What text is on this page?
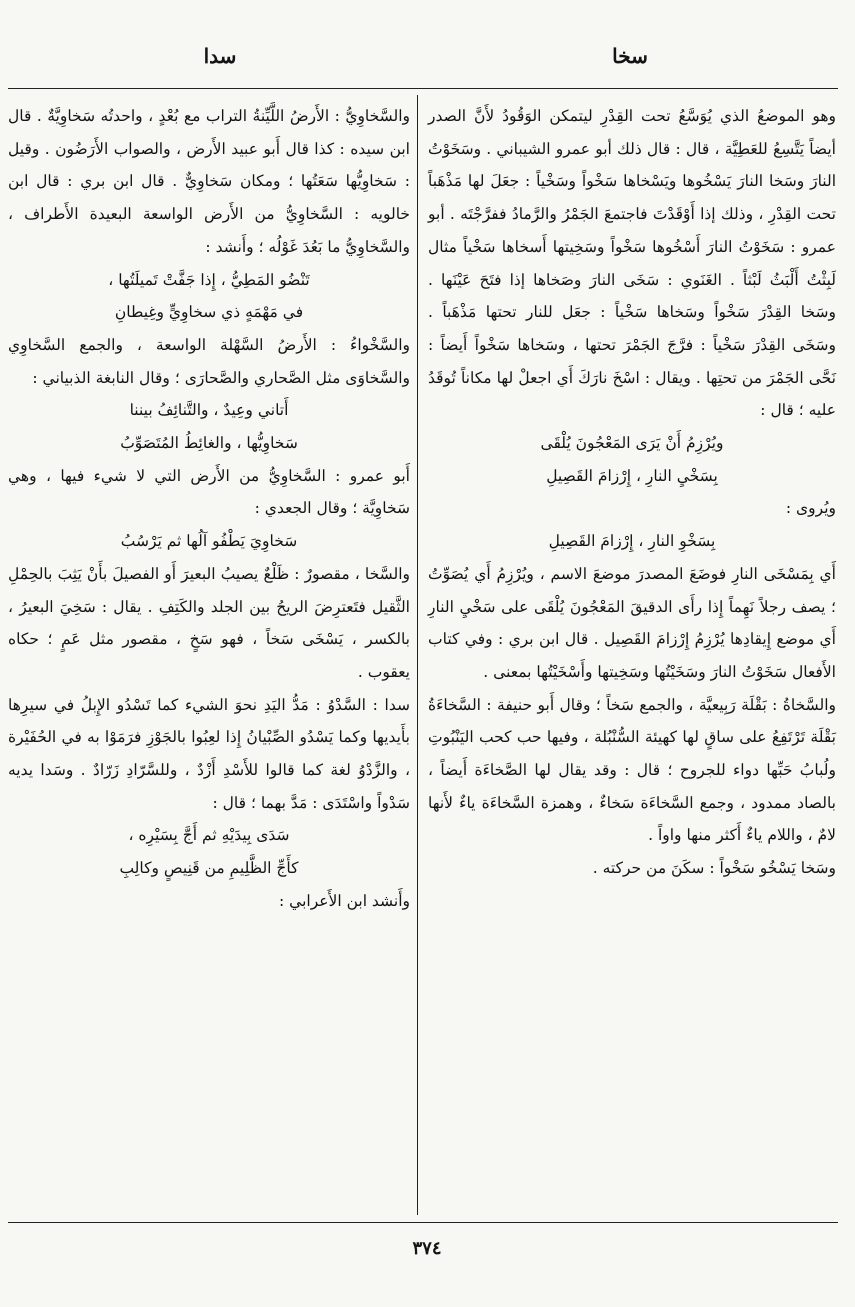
سخا
سدا

وهو الموضعُ الذي يُوَسَّعُ تحت القِدْرِ ليتمكن الوَقُودُ لأَنَّ الصدر أيضاً يَتَّسِعُ للعَطِيَّة ، قال : قال ذلك أبو عمرو الشيباني . وسَخَوْتُ النارَ وسَخا النارَ يَسْخُوها ويَسْخاها سَخْواً وسَخْياً : جعَلَ لها مَذْهَباً تحت القِدْرِ ، وذلك إذا أَوْقَدْتَ فاجتمعَ الجَمْرُ والرَّمادُ ففرَّجْتَه . أبو عمرو : سَخَوْتُ النارَ أَسْخُوها سَخْواً وسَخِيتها أَسخاها سَخْياً مثال لَبِثْتُ أَلْبَثُ لَبْثاً . الغَنَوي : سَخَى النارَ وصَخاها إذا فتَحَ عَيْنَها . وسَخا القِدْرَ سَخْواً وسَخاها سَخْياً : جعَل للنار تحتها مَذْهَباً . وسَخَى القِدْرَ سَخْياً : فرَّجَ الجَمْرَ تحتها ، وسَخاها سَخْواً أَيضاً : نَحَّى الجَمْرَ من تحتِها . ويقال : اسْخَ نارَكَ أَي اجعلْ لها مكاناً تُوقَدُ عليه ؛ قال :

ويُرْزِمُ أَنْ يَرَى المَعْجُونَ يُلْقَى

بِسَخْيِ النارِ ، إِرْزامَ القَصِيلِ

ويُروى :

بِسَخْوِ النارِ ، إِرْزامَ القَصِيلِ

أَي بِمَسْخَى النارِ فوضَعَ المصدرَ موضعَ الاسم ، ويُرْزِمُ أَي يُصَوِّتُ ؛ يصف رجلاً نَهِماً إِذا رأَى الدقيقَ المَعْجُونَ يُلْقَى على سَخْيِ النارِ أَي موضع إِيقادِها يُرْزِمُ إِرْزامَ القَصِيل . قال ابن بري : وفي كتاب الأَفعال سَخَوْتُ النارَ وسَخَيْتُها وسَخِيتها وأَسْخَيْتُها بمعنى .

والسَّخاةُ : بَقْلَة رَبِيعيَّة ، والجمع سَخاً ؛ وقال أَبو حنيفة : السَّخاءَةُ بَقْلَة تَرْتَفِعُ على ساقٍ لها كهيئة السُّنْبُلة ، وفيها حب كحب اليَنْبُوتِ ولُبابُ حَبِّها دواء للجروح ؛ قال : وقد يقال لها الصَّخاءَة أَيضاً ، بالصاد ممدود ، وجمع السَّخاءَة سَخاءٌ ، وهمزة السَّخاءَة ياءٌ لأَنها لامٌ ، واللام ياءٌ أَكثر منها واواً .

وسَخا يَسْخُو سَخْواً : سكَنَ من حركته .

والسَّخاوِيُّ : الأَرضُ اللَّيِّنةُ التراب مع بُعْدٍ ، واحدتُه سَخاوِيَّةٌ . قال ابن سيده : كذا قال أَبو عبيد الأَرض ، والصواب الأَرَضُون . وقيل : سَخاوِيُّها سَعَتُها ؛ ومكان سَخاوِيٌّ . قال ابن بري : قال ابن خالويه : السَّخاوِيُّ من الأَرض الواسعة البعيدة الأَطراف ، والسَّخاوِيُّ ما بَعُدَ غَوْلُه ؛ وأَنشد :

تَنْضُو المَطِيُّ ، إِذا جَفَّتْ تَميلَتُها ،

في مَهْمَهٍ ذي سخاوِيٍّ وغِيطانِ

والسَّخْواءُ : الأَرضُ السَّهْلة الواسعة ، والجمع السَّخاوِي والسَّخاوَى مثل الصَّحاري والصَّحارَى ؛ وقال النابغة الذبياني :

أَتاني وعِيدٌ ، والتَّنائِفُ بيننا

سَخاوِيُّها ، والغائِطُ المُتَصَوِّبُ

أَبو عمرو : السَّخاوِيُّ من الأَرض التي لا شيء فيها ، وهي سَخاوِيَّة ؛ وقال الجعدي :

سَخاوِيَ يَطْفُو آلُها ثم يَرْسُبُ

والسَّخا ، مقصورٌ : ظَلْعٌ يصيبُ البعيرَ أَو الفصيلَ بأَنْ يَثِبَ بالحِمْلِ الثَّقيل فتَعترِضَ الريحُ بين الجلد والكَتِفِ . يقال : سَخِيَ البعيرُ ، بالكسر ، يَسْخَى سَخاً ، فهو سَخٍ ، مقصور مثل عَمٍ ؛ حكاه يعقوب .

سدا : السَّدْوُ : مَدُّ اليَدِ نحوَ الشيء كما تَسْدُو الإِبلُ في سيرِها بأَيديها وكما يَسْدُو الصِّبْيانُ إِذا لعِبُوا بالجَوْزِ فرَمَوْا به في الحُفَيْرة ، والزَّدْوُ لغة كما قالوا للأَسْدِ أَزْدٌ ، وللسَّرّادِ زَرّادٌ . وسَدا يديه سَدْواً واسْتَدَى : مَدَّ بهما ؛ قال :

سَدَى بِيدَيْهِ ثم أَجَّ بِسَيْرِه ،

كأَجِّ الظَّلِيمِ من قَنِيصٍ وكالِبِ

وأَنشد ابن الأَعرابي :

٣٧٤
